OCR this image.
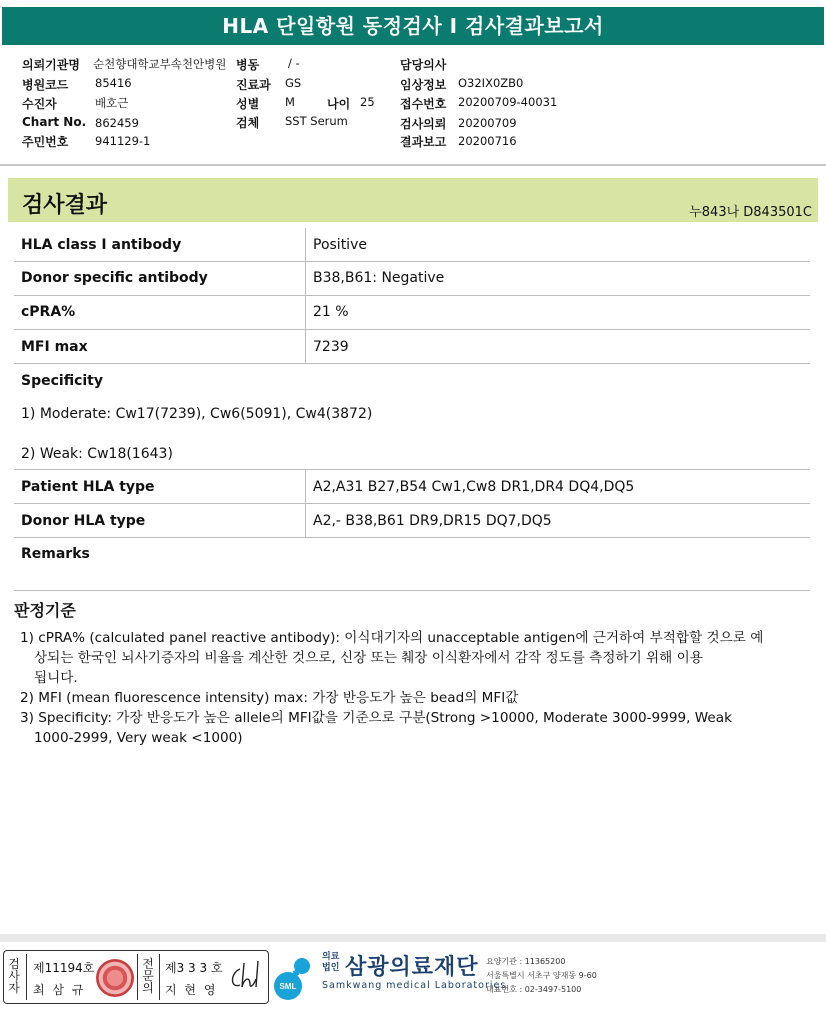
HLA 단일항원 동정검사 I 검사결과보고서
의뢰기관명 순천향대학교부속천안병원 병동	/ -	담당의사
병원코드 85416	진료과 GS	임상정보 O32IX0ZB0
수진자	배호근	성별 M	나이 25 접수번호 20200709-40031
Chart No. 862459	검체 SST Serum	검사의뢰 20200709
주민번호 941129-1	결과보고 20200716
검사결과	누843나 D843501C
HLA class I antibody	Positive
Donor specific antibody	B38,B61: Negative
cPRA%	21 %
MFI max	7239
Specificity
1) Moderate: Cw17(7239), Cw6(5091), Cw4(3872)
2) Weak: Cw18(1643)
Patient HLA type	A2,A31 B27,B54 Cw1,Cw8 DR1,DR4 DQ4,DQ5
Donor HLA type	A2,- B38,B61 DR9,DR15 DQ7,DQ5
Remarks
판정기준
1) cPRA% (calculated panel reactive antibody): 이식대기자의 unacceptable antigen에 근거하여 부적합할 것으로 예
상되는 한국인 뇌사기증자의 비율을 계산한 것으로, 신장 또는 췌장 이식환자에서 감작 정도를 측정하기 위해 이용
됩니다.
2) MFI (mean fluorescence intensity) max: 가장 반응도가 높은 bead의 MFI값
3) Specificity: 가장 반응도가 높은 allele의 MFI값을 기준으로 구분(Strong >10000, Moderate 3000-9999, Weak
1000-2999, Very weak <1000)
검사자
제11194호
최 삼 규
전문의
제3 3 3 호
지 현 영	SML
의료법인 삼광의료재단
Samkwang medical Laboratories
요양기관 : 11365200
서울특별시 서초구 양재동 9-60
대표번호 : 02-3497-5100
